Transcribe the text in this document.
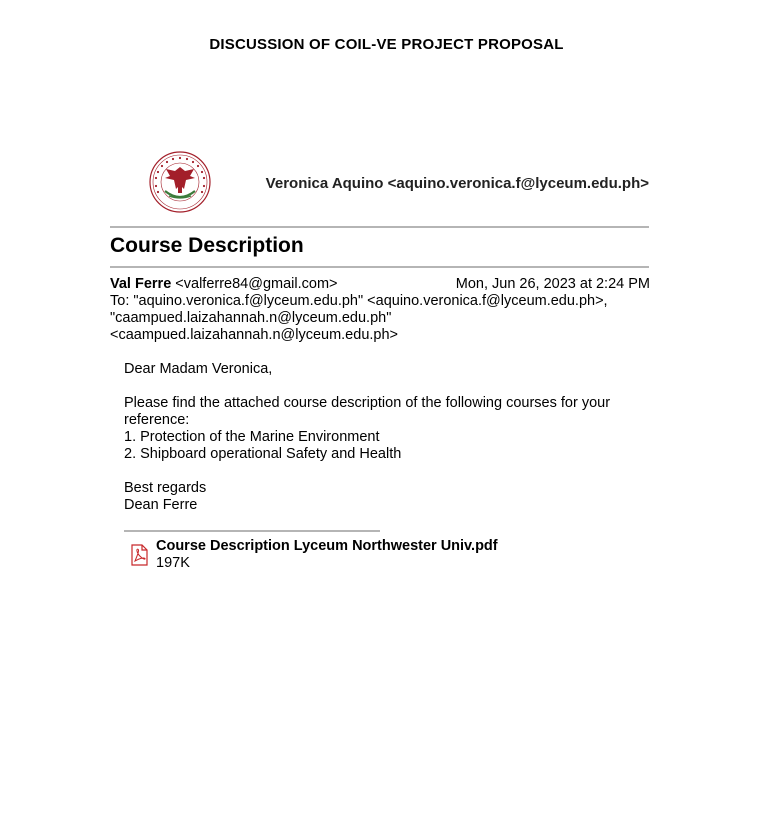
DISCUSSION OF COIL-VE PROJECT PROPOSAL
Veronica Aquino <aquino.veronica.f@lyceum.edu.ph>
Course Description
Val Ferre <valferre84@gmail.com>	Mon, Jun 26, 2023 at 2:24 PM
To: "aquino.veronica.f@lyceum.edu.ph" <aquino.veronica.f@lyceum.edu.ph>,
"caampued.laizahannah.n@lyceum.edu.ph"
<caampued.laizahannah.n@lyceum.edu.ph>

Dear Madam Veronica,

Please find the attached course description of the following courses for your

reference:

1. Protection of the Marine Environment

2. Shipboard operational Safety and Health

Best regards

Dean Ferre

Course Description Lyceum Northwester Univ.pdf
197K
